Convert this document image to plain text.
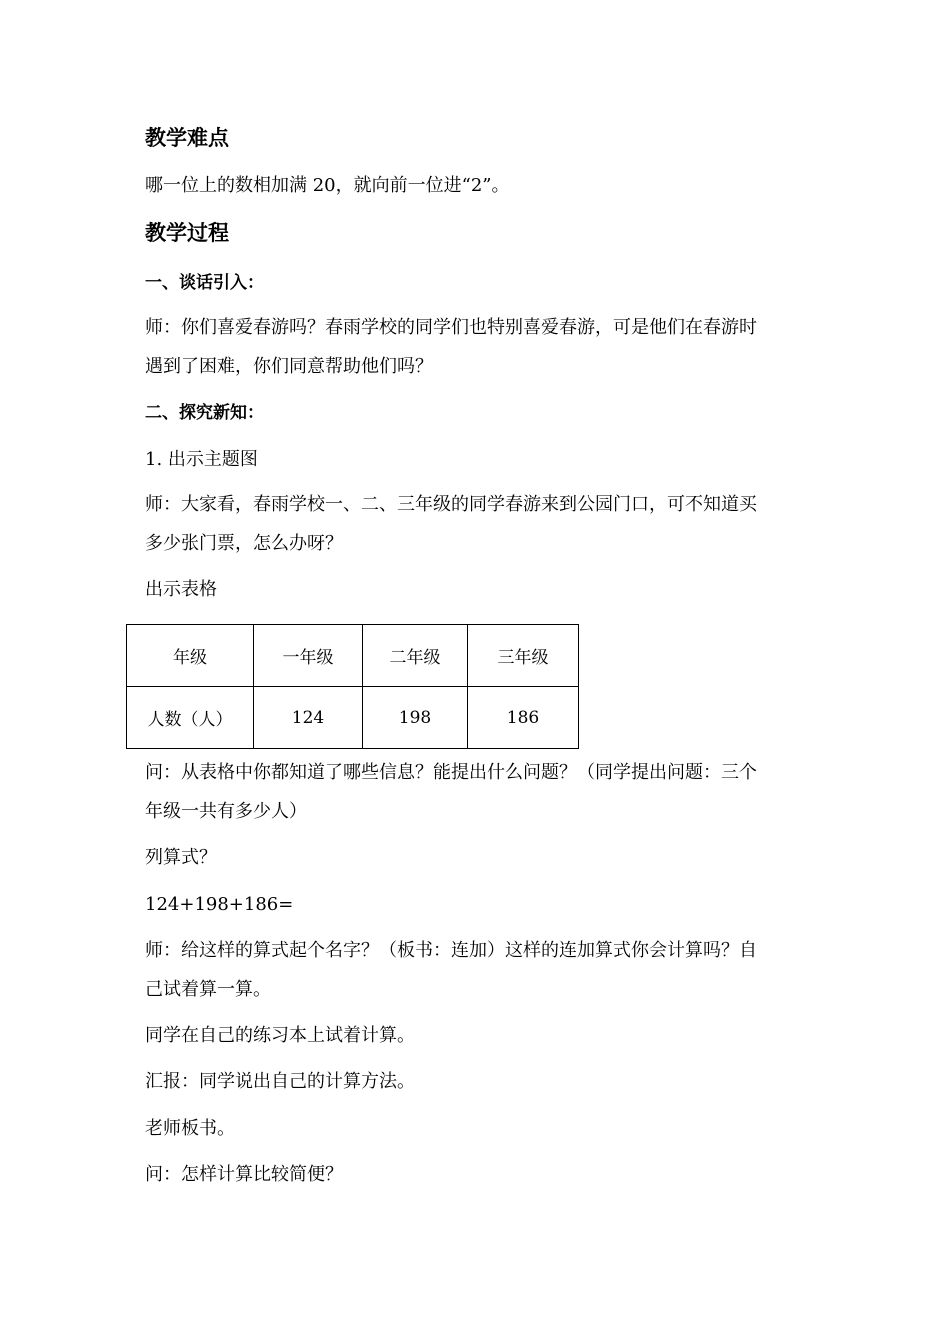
教学难点
哪一位上的数相加满 20，就向前一位进“2”。
教学过程
一、谈话引入：
师：你们喜爱春游吗？春雨学校的同学们也特别喜爱春游，可是他们在春游时
遇到了困难，你们同意帮助他们吗？
二、探究新知：
1. 出示主题图
师：大家看，春雨学校一、二、三年级的同学春游来到公园门口，可不知道买
多少张门票，怎么办呀？
出示表格
年级	一年级	二年级	三年级
人数（人）	124	198	186
问：从表格中你都知道了哪些信息？能提出什么问题？（同学提出问题：三个
年级一共有多少人）
列算式？
124+198+186=
师：给这样的算式起个名字？（板书：连加）这样的连加算式你会计算吗？自
己试着算一算。
同学在自己的练习本上试着计算。
汇报：同学说出自己的计算方法。
老师板书。
问：怎样计算比较简便？
